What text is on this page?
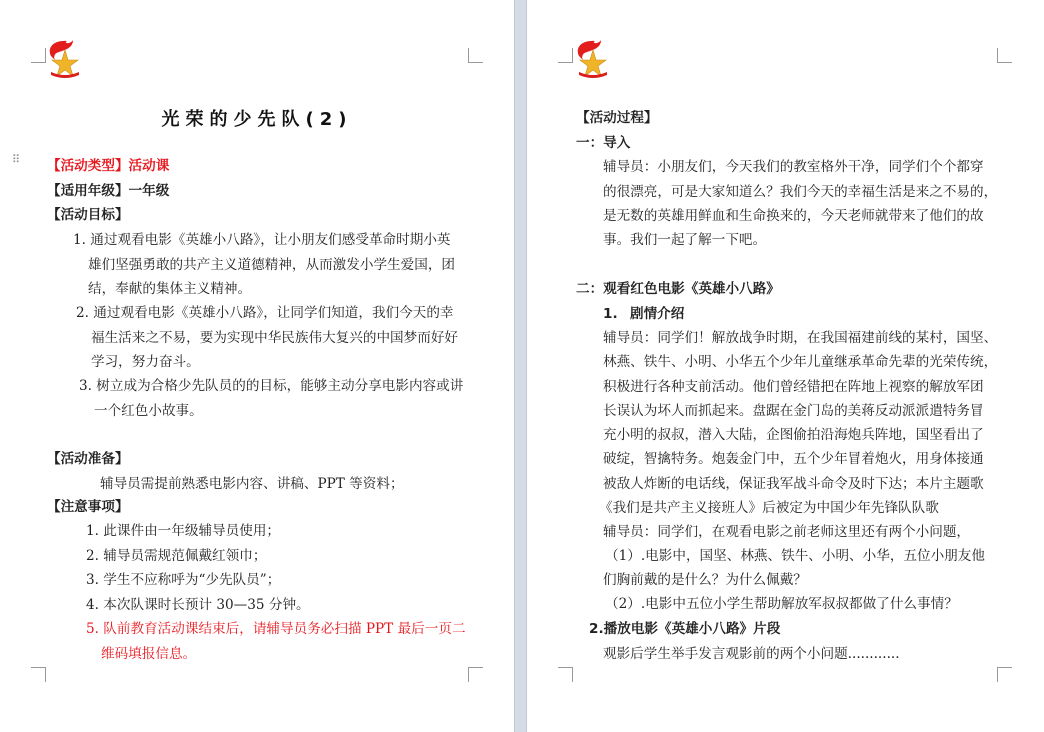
光荣的少先队(2)
⠿ 【活动类型】活动课
【适用年级】一年级
【活动目标】
1. 通过观看电影《英雄小八路》，让小朋友们感受革命时期小英
雄们坚强勇敢的共产主义道德精神，从而激发小学生爱国，团
结，奉献的集体主义精神。
2. 通过观看电影《英雄小八路》，让同学们知道，我们今天的幸
福生活来之不易，要为实现中华民族伟大复兴的中国梦而好好
学习，努力奋斗。
3. 树立成为合格少先队员的的目标，能够主动分享电影内容或讲
一个红色小故事。
【活动准备】
辅导员需提前熟悉电影内容、讲稿、PPT 等资料；
【注意事项】
1. 此课件由一年级辅导员使用；
2. 辅导员需规范佩戴红领巾；
3. 学生不应称呼为“少先队员”；
4. 本次队课时长预计 30—35 分钟。
5. 队前教育活动课结束后，请辅导员务必扫描 PPT 最后一页二
维码填报信息。
【活动过程】
一：导入
辅导员：小朋友们，今天我们的教室格外干净，同学们个个都穿
的很漂亮，可是大家知道么？我们今天的幸福生活是来之不易的，
是无数的英雄用鲜血和生命换来的，今天老师就带来了他们的故
事。我们一起了解一下吧。
二：观看红色电影《英雄小八路》
1. 剧情介绍
辅导员：同学们！解放战争时期，在我国福建前线的某村，国坚、
林燕、铁牛、小明、小华五个少年儿童继承革命先辈的光荣传统，
积极进行各种支前活动。他们曾经错把在阵地上视察的解放军团
长误认为坏人而抓起来。盘踞在金门岛的美蒋反动派派遣特务冒
充小明的叔叔，潜入大陆，企图偷拍沿海炮兵阵地，国坚看出了
破绽，智擒特务。炮轰金门中，五个少年冒着炮火，用身体接通
被敌人炸断的电话线，保证我军战斗命令及时下达；本片主题歌
《我们是共产主义接班人》后被定为中国少年先锋队队歌
辅导员：同学们，在观看电影之前老师这里还有两个小问题，
（1）.电影中，国坚、林燕、铁牛、小明、小华，五位小朋友他
们胸前戴的是什么？为什么佩戴？
（2）.电影中五位小学生帮助解放军叔叔都做了什么事情？
2.播放电影《英雄小八路》片段
观影后学生举手发言观影前的两个小问题............
